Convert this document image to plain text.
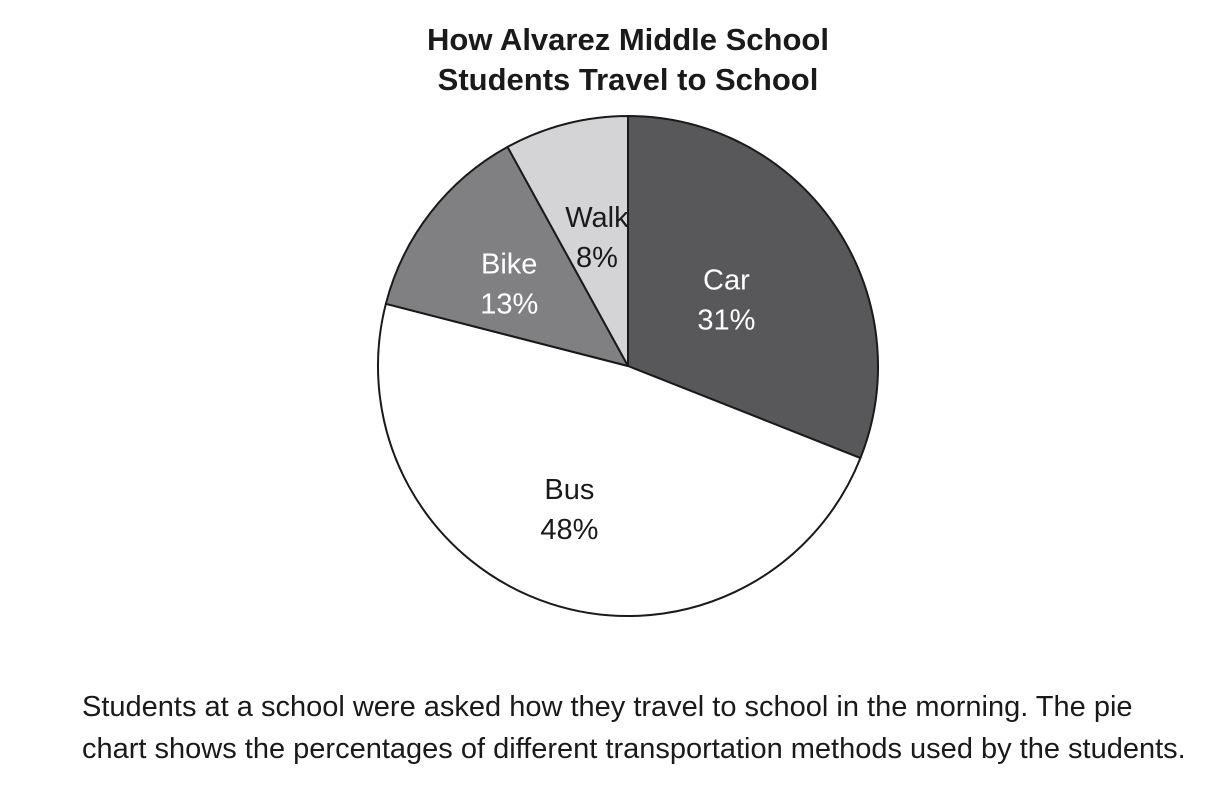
How Alvarez Middle School
Students Travel to School
Car
31%
Bus
48%
Bike
13%
Walk
8%

Students at a school were asked how they travel to school in the morning. The pie chart shows the percentages of different transportation methods used by the students.
